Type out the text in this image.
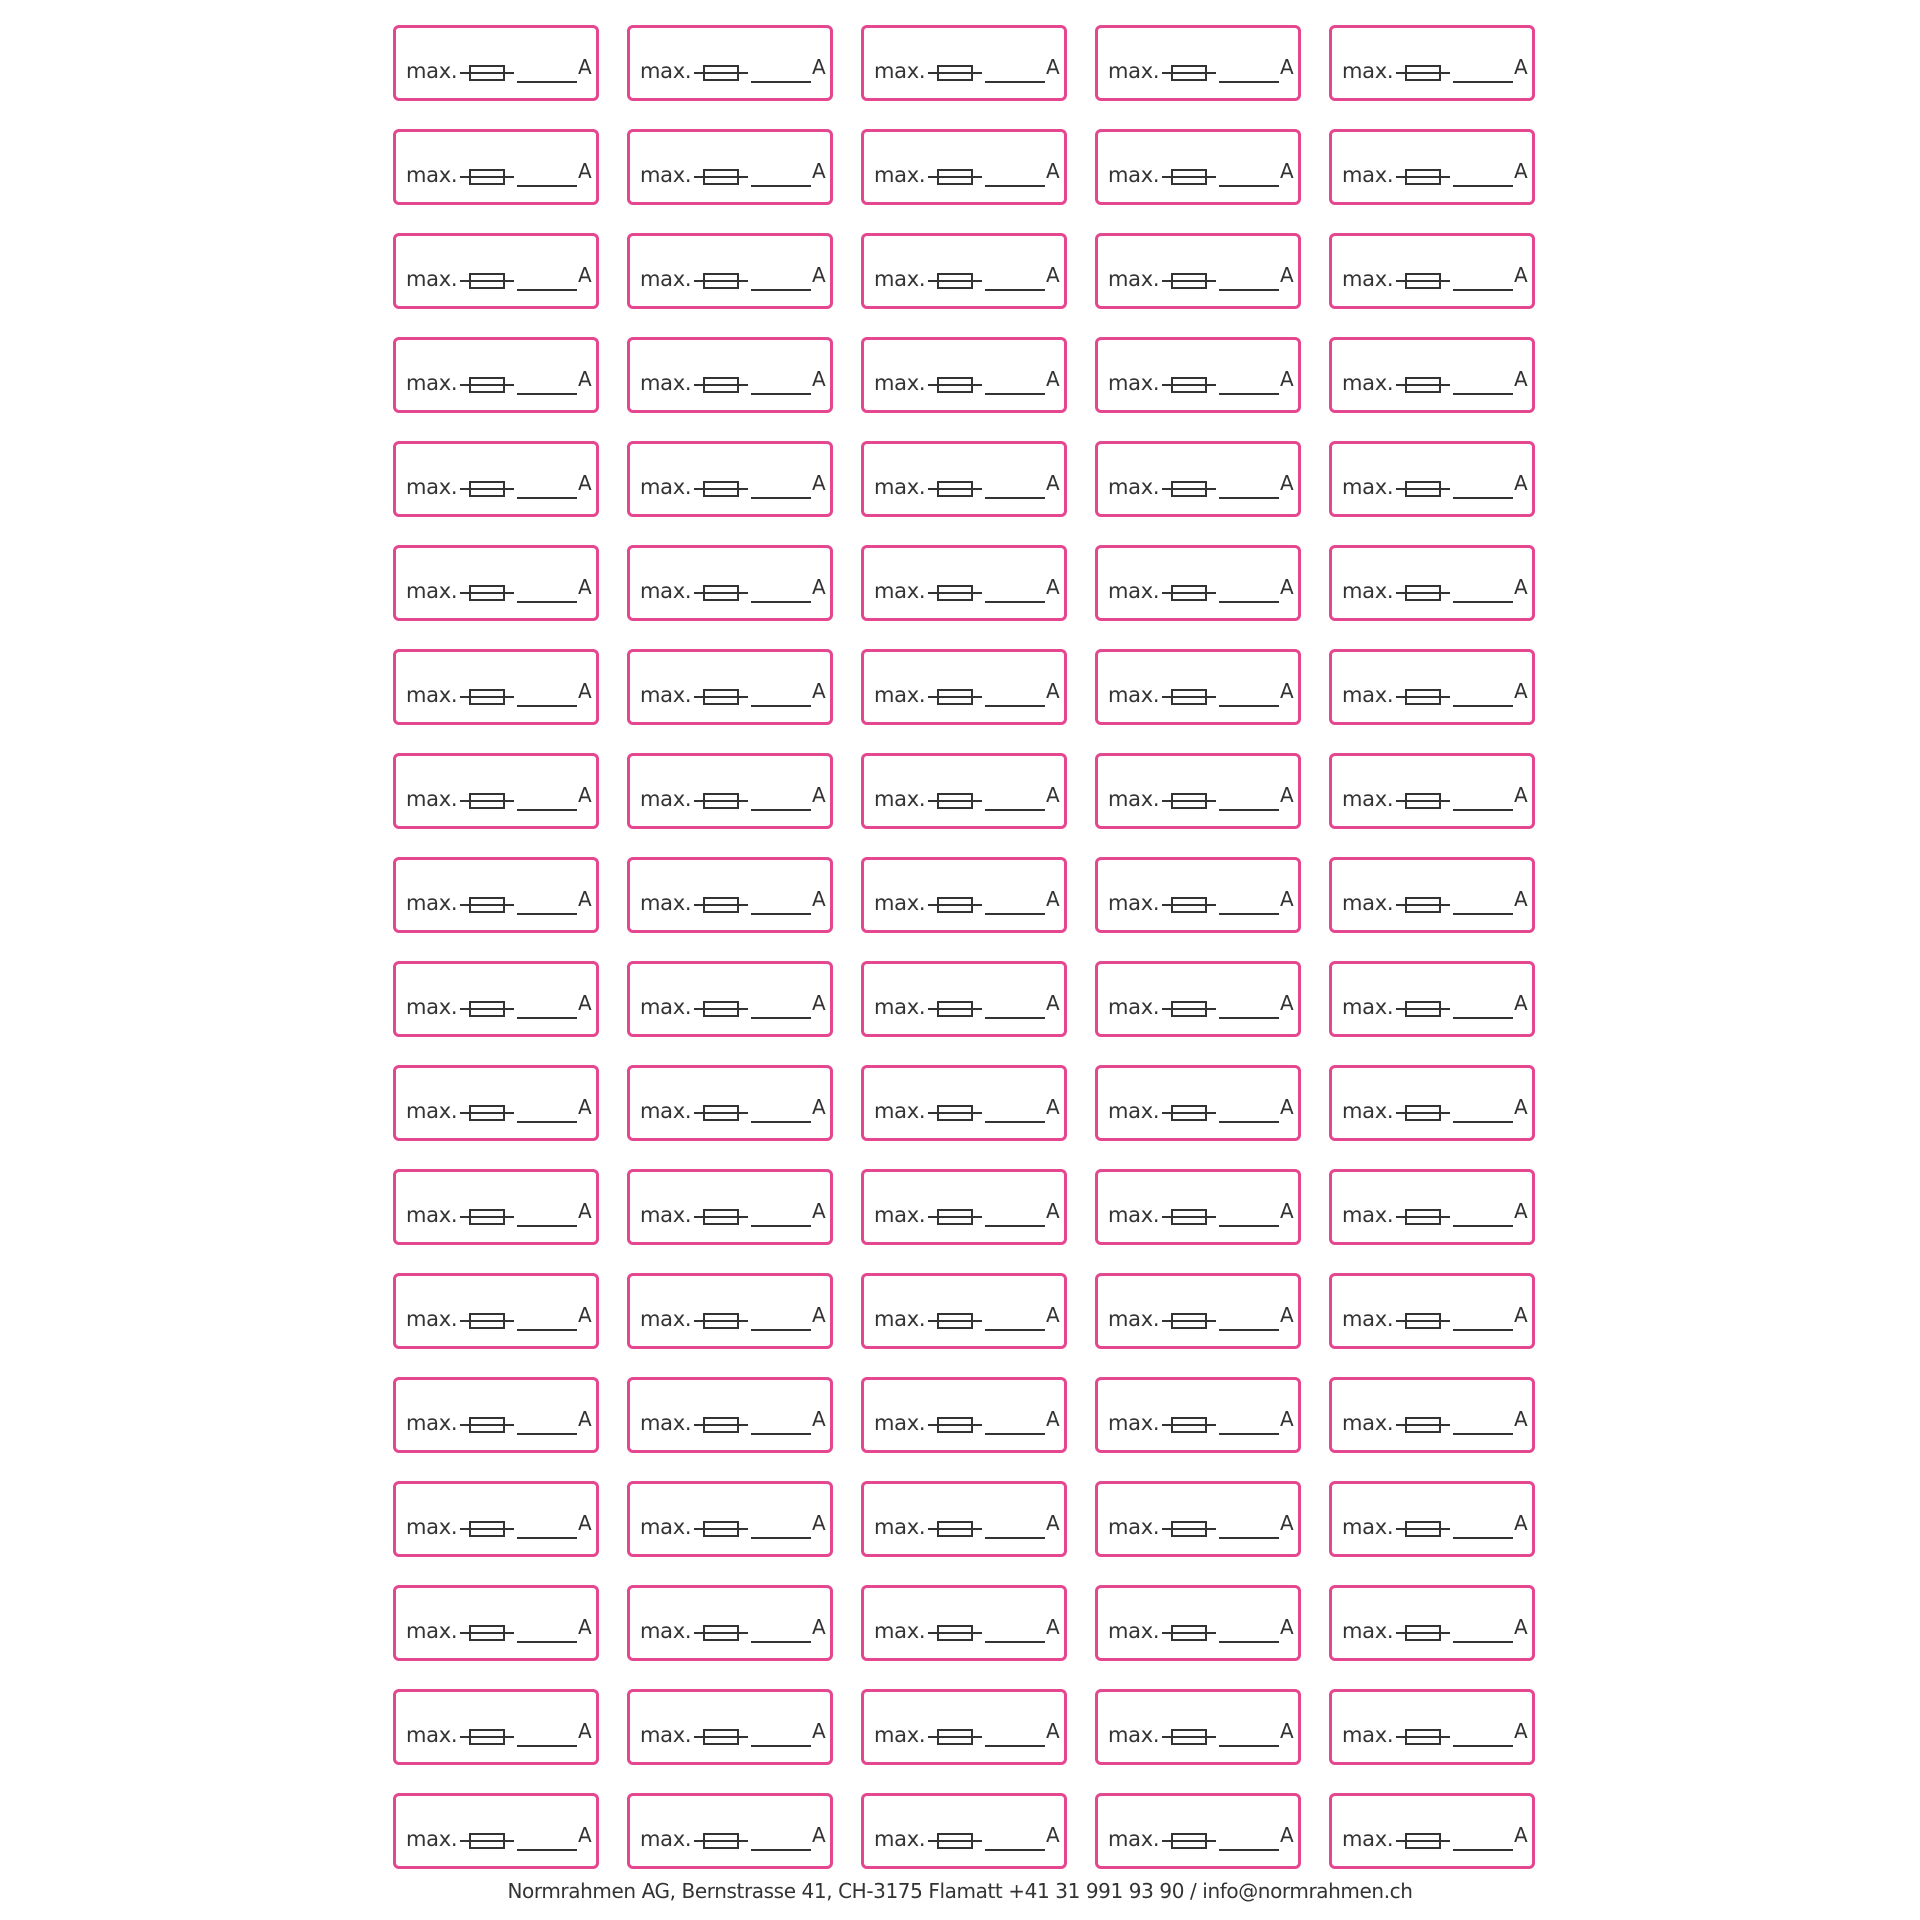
max.	A max.	A max.	A max.	A max.	A
max.	A max.	A max.	A max.	A max.	A
max.	A max.	A max.	A max.	A max.	A
max.	A max.	A max.	A max.	A max.	A
max.	A max.	A max.	A max.	A max.	A
max.	A max.	A max.	A max.	A max.	A
max.	A max.	A max.	A max.	A max.	A
max.	A max.	A max.	A max.	A max.	A
max.	A max.	A max.	A max.	A max.	A
max.	A max.	A max.	A max.	A max.	A
max.	A max.	A max.	A max.	A max.	A
max.	A max.	A max.	A max.	A max.	A
max.	A max.	A max.	A max.	A max.	A
max.	A max.	A max.	A max.	A max.	A
max.	A max.	A max.	A max.	A max.	A
max.	A max.	A max.	A max.	A max.	A
max.	A max.	A max.	A max.	A max.	A
max.	A max.	A max.	A max.	A max.	A
Normrahmen AG, Bernstrasse 41, CH-3175 Flamatt +41 31 991 93 90 / info@normrahmen.ch
